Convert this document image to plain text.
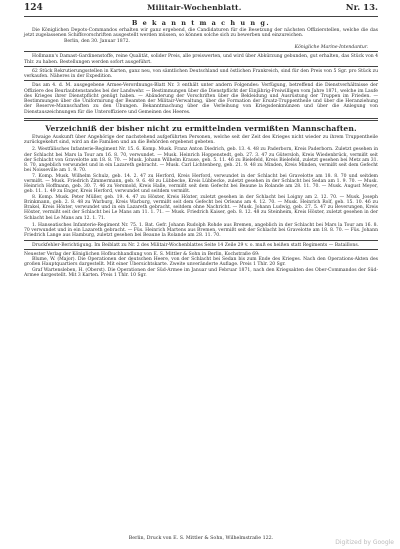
124	Militair-Wochenblatt.	Nr. 13.
B e k a n n t m a c h u n g.

Die Königlichen Depots-Commandos erhalten wir ganz ergebend, die Candidaturen für die Besetzung der nächsten Offizierstellen, welche die das jetzt zugelassenen Schiffsvorschriften ausgestellt werden müssen, so können solche sich zu bewerben und einzureichen.

Berlin, den 30. Januar 1872.

Königliche Marine-Intendantur.

Hollmann's Damast-Gardinenstoffe, reine Qualität, solider Preis, alle preiswerten, und wird über Abkürzung gebunden, gut erhalten, das Stück von 4 Thlr. zu haben. Bestellungen werden sofort ausgeführt.

62 Stück Rekrutierungsstellen in Karten, ganz neu, von sämtlichen Deutschland und östlichen Frankreich, sind für den Preis von 5 Sgr. pro Stück zu verkaufen. Näheres in der Expedition.

Das am 4. d. M. ausgegebene Armee-Verordnungs-Blatt Nr. 3 enthält unter andern Folgendes: Verfügung, betreffend die Dienstverhältnisse der Offiziere des Beurlaubtenstandes bei der Landwehr. — Bestimmungen über die Dienstpflicht der Einjährig-Freiwilligen vom Jahre 1871, welche im Laufe des Krieges ihrer Dienstpflicht genügt haben. — Abänderung der Vorschriften über die Bekleidung und Ausrüstung der Truppen im Frieden. — Bestimmungen über die Uniformirung der Beamten der Militair-Verwaltung, über die Formation der Ersatz-Truppentheile und über die Heranziehung der Reserve-Mannschaften zu den Übungen. Bekanntmachung über die Verleihung von Kriegsdenkmünzen und über die Anlegung von Dienstauszeichnungen für die Unteroffiziere und Gemeinen des Heeres.

Verzeichniß der bisher nicht zu ermittelnden vermißten Mannschaften.

Etwaige Auskunft über Angehörige der nachstehend aufgeführten Personen, welche seit der Zeit des Krieges nicht wieder zu ihrem Truppentheile zurückgekehrt sind, wird an die Familien und an die Behörden ergebenst gebeten.

2. Westfälisches Infanterie-Regiment Nr. 15. 6. Komp. Musk. Franz Anton Diedrich, geb. 13. 4. 48 zu Paderborn, Kreis Paderborn. Zuletzt gesehen in der Schlacht bei Mars la Tour am 16. 8. 70, verwundet. — Musk. Heinrich Hoppenstedt, geb. 27. 3. 47 zu Gütersloh, Kreis Wiedenbrück, vermißt seit der Schlacht von Gravelotte am 18. 8. 70. — Musk. Johann Wilhelm Krause, geb. 5. 11. 46 zu Bielefeld, Kreis Bielefeld, zuletzt gesehen bei Metz am 31. 8. 70, angeblich verwundet und in ein Lazareth gebracht. — Musk. Carl Lichtenberg, geb. 21. 9. 48 zu Minden, Kreis Minden, vermißt seit dem Gefecht bei Noisseville am 1. 9. 70.

7. Komp. Musk. Wilhelm Schulz, geb. 14. 2. 47 zu Herford, Kreis Herford, verwundet in der Schlacht bei Gravelotte am 18. 8. 70 und seitdem vermißt. — Musk. Friedrich Zimmermann, geb. 9. 6. 48 zu Lübbecke, Kreis Lübbecke, zuletzt gesehen in der Schlacht bei Sedan am 1. 9. 70. — Musk. Heinrich Hoffmann, geb. 30. 7. 46 zu Versmold, Kreis Halle, vermißt seit dem Gefecht bei Beaune la Rolande am 28. 11. 70. — Musk. August Meyer, geb. 11. 1. 49 zu Enger, Kreis Herford, verwundet und seitdem vermißt.

8. Komp. Musk. Peter Müller, geb. 19. 4. 47 zu Höxter, Kreis Höxter, zuletzt gesehen in der Schlacht bei Loigny am 2. 12. 70. — Musk. Joseph Brinkmann, geb. 2. 8. 48 zu Warburg, Kreis Warburg, vermißt seit dem Gefecht bei Orleans am 4. 12. 70. — Musk. Heinrich Rolf, geb. 15. 10. 46 zu Brakel, Kreis Höxter, verwundet und in ein Lazareth gebracht, seitdem ohne Nachricht. — Musk. Johann Ludwig, geb. 27. 5. 47 zu Beverungen, Kreis Höxter, vermißt seit der Schlacht bei Le Mans am 11. 1. 71. — Musk. Friedrich Kaiser, geb. 8. 12. 48 zu Steinheim, Kreis Höxter, zuletzt gesehen in der Schlacht bei Le Mans am 12. 1. 71.

1. Hanseatisches Infanterie-Regiment Nr. 75. 1. Bat. Gefr. Johann Rudolph Rohde aus Bremen, angeblich in der Schlacht bei Mars la Tour am 16. 8. 70 verwundet und in ein Lazareth gebracht. — Füs. Heinrich Martens aus Bremen, vermißt seit der Schlacht bei Gravelotte am 18. 8. 70. — Füs. Johann Friedrich Lange aus Hamburg, zuletzt gesehen bei Beaune la Rolande am 28. 11. 70.

Druckfehler-Berichtigung. Im Beiblatt zu Nr. 2 des Militair-Wochenblattes Seite 14 Zeile 29 v. o. muß es heißen statt Regiments — Bataillons.

Neuester Verlag der Königlichen Hofbuchhandlung von E. S. Mittler & Sohn in Berlin, Kochstraße 69:

Blume, W. (Major). Die Operationen der deutschen Heere, von der Schlacht bei Sedan bis zum Ende des Krieges. Nach den Operations-Akten des großen Hauptquartiers dargestellt. Mit einer Übersichtskarte. Zweite unveränderte Auflage. Preis 1 Thlr. 20 Sgr.

Graf Wartensleben, H. (Oberst). Die Operationen der Süd-Armee im Januar und Februar 1871, nach den Kriegsakten des Ober-Commandos der Süd-Armee dargestellt. Mit 3 Karten. Preis 1 Thlr. 10 Sgr.

Berlin, Druck von E. S. Mittler & Sohn, Wilhelmstraße 122.
Digitized by Google
